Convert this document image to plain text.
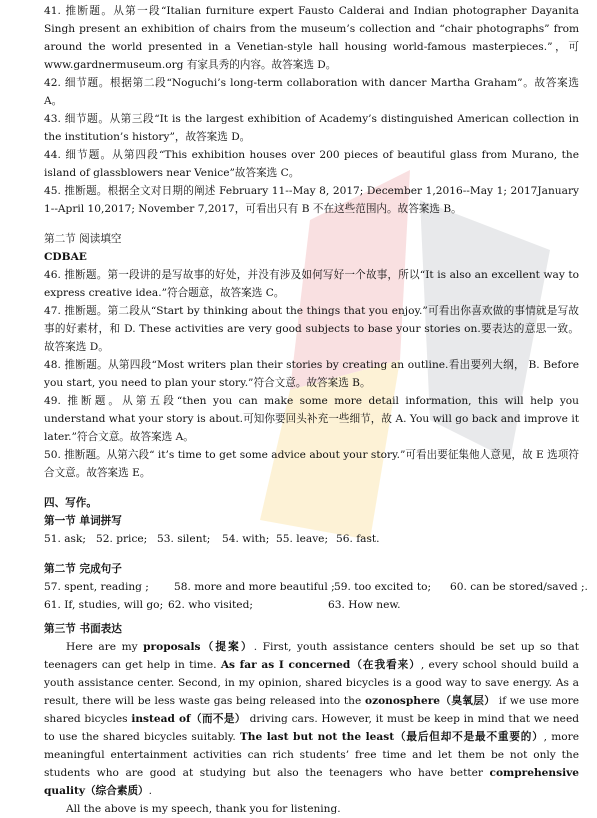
41. 推断题。从第一段“Italian furniture expert Fausto Calderai and Indian photographer Dayanita Singh present an exhibition of chairs from the museum’s collection and “chair photographs” from around the world presented in a Venetian-style hall housing world-famous masterpieces.”，可 www.gardnermuseum.org 有家具秀的内容。故答案选 D。

42. 细节题。根据第二段“Noguchi’s long-term collaboration with dancer Martha Graham”。故答案选 A。

43. 细节题。从第三段“It is the largest exhibition of Academy’s distinguished American collection in the institution’s history”，故答案选 D。

44. 细节题。从第四段“This exhibition houses over 200 pieces of beautiful glass from Murano, the island of glassblowers near Venice”故答案选 C。

45. 推断题。根据全文对日期的阐述 February 11--May 8, 2017; December 1,2016--May 1; 2017January 1--April 10,2017; November 7,2017，可看出只有 B 不在这些范围内。故答案选 B。

第二节 阅读填空

CDBAE

46. 推断题。第一段讲的是写故事的好处，并没有涉及如何写好一个故事，所以“It is also an excellent way to express creative idea.”符合题意，故答案选 C。

47. 推断题。第二段从“Start by thinking about the things that you enjoy.”可看出你喜欢做的事情就是写故事的好素材，和 D. These activities are very good subjects to base your stories on.要表达的意思一致。故答案选 D。

48. 推断题。从第四段“Most writers plan their stories by creating an outline.看出要列大纲， B. Before you start, you need to plan your story.”符合文意。故答案选 B。

49. 推断题。从第五段“then you can make some more detail information, this will help you understand what your story is about.可知你要回头补充一些细节，故 A. You will go back and improve it later.”符合文意。故答案选 A。

50. 推断题。从第六段“ it’s time to get some advice about your story.”可看出要征集他人意见，故 E 选项符合文意。故答案选 E。

四、写作。

第一节 单词拼写

51. ask; 52. price; 53. silent; 54. with; 55. leave; 56. fast.

第二节 完成句子

57. spent, reading ; 58. more and more beautiful ; 59. too excited to; 60. can be stored/saved ;.
61. If, studies, will go; 62. who visited;	63. How new.

第三节 书面表达

Here are my proposals（提案）. First, youth assistance centers should be set up so that teenagers can get help in time. As far as I concerned（在我看来）, every school should build a youth assistance center. Second, in my opinion, shared bicycles is a good way to save energy. As a result, there will be less waste gas being released into the ozonosphere（臭氧层） if we use more shared bicycles instead of（而不是） driving cars. However, it must be keep in mind that we need to use the shared bicycles suitably. The last but not the least（最后但却不是最不重要的）, more meaningful entertainment activities can rich students’ free time and let them be not only the students who are good at studying but also the teenagers who have better comprehensive quality（综合素质）.

All the above is my speech, thank you for listening.
